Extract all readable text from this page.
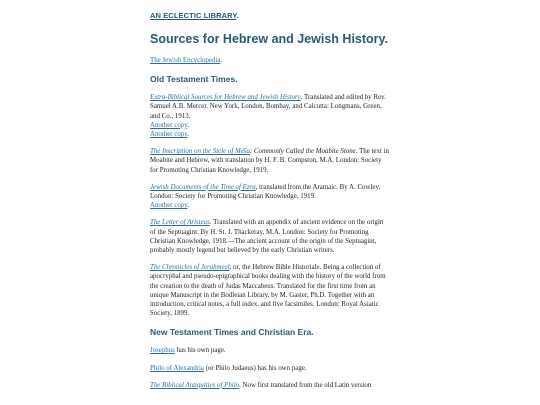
AN ECLECTIC LIBRARY.
Sources for Hebrew and Jewish History.

The Jewish Encyclopedia.

Old Testament Times.
Extra-Biblical Sources for Hebrew and Jewish History. Translated and edited by Rev. Samuel A.B. Mercer. New York, London, Bombay, and Calcutta: Longmans, Green, and Co., 1913.
Another copy.
Another copy.
The Inscription on the Stele of Méša; Commonly Called the Moabite Stone. The text in Moabite and Hebrew, with translation by H. F. B. Compston, M.A. London: Society for Promoting Christian Knowledge, 1919.
Jewish Documents of the Time of Ezra, translated from the Aramaic. By A. Cowley. London: Society for Promoting Christian Knowledge, 1919.
Another copy.
The Letter of Aristeas. Translated with an appendix of ancient evidence on the origin of the Septuagint. By H. St. J. Thackeray, M.A. London: Society for Promoting Christian Knowledge, 1918.—The ancient account of the origin of the Septuagint, probably mostly legend but believed by the early Christian writers.
The Chronicles of Jerahmeel; or, the Hebrew Bible Historiale. Being a collection of apocryphal and pseudo-epigraphical books dealing with the history of the world from the creation to the death of Judas Maccabeus. Translated for the first time from an unique Manuscript in the Bodleian Library, by M. Gaster, Ph.D. Together with an introduction, critical notes, a full index. and five facsimiles. London: Royal Asiatic Society, 1899.
New Testament Times and Christian Era.
Josephus has his own page.
Philo of Alexandria (or Philo Judaeus) has his own page.
The Biblical Antiquities of Philo. Now first translated from the old Latin version
